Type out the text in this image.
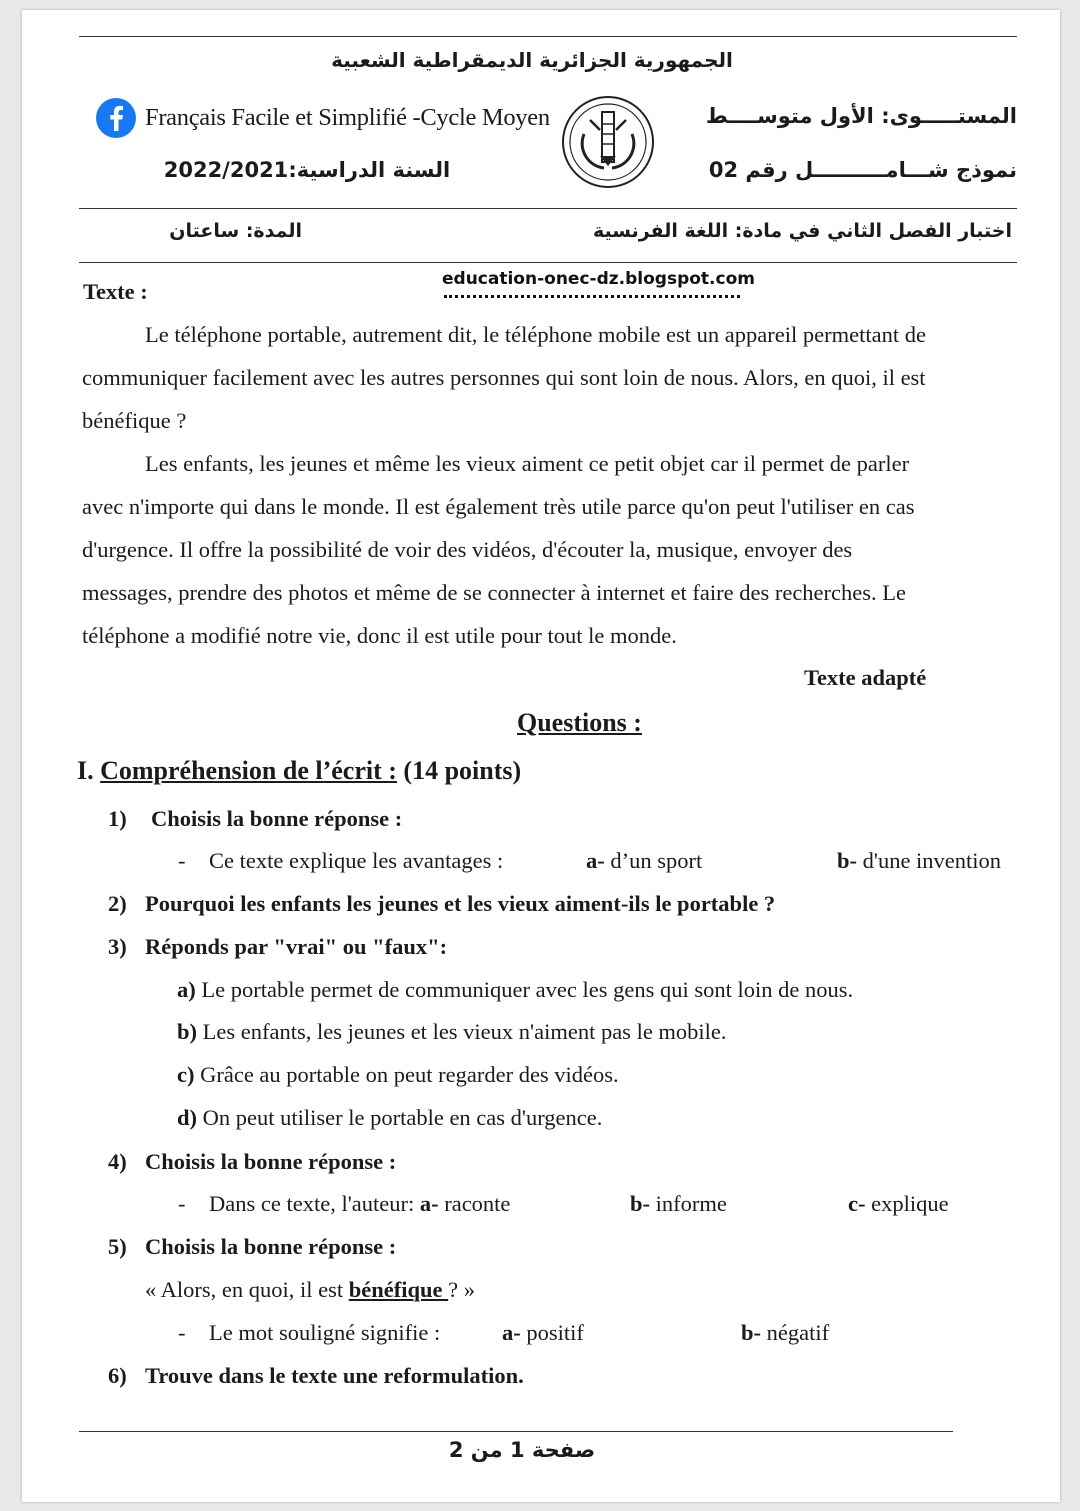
الجمهورية الجزائرية الديمقراطية الشعبية
Français Facile et Simplifié -Cycle Moyen	المستـــــوى: الأول متوســــط
السنة الدراسية:2022/2021	نموذج شـــامــــــــــل رقم 02
المدة: ساعتان	اختبار الفصل الثاني في مادة: اللغة الفرنسية
education-onec-dz.blogspot.com
Texte :
Le téléphone portable, autrement dit, le téléphone mobile est un appareil permettant de
communiquer facilement avec les autres personnes qui sont loin de nous. Alors, en quoi, il est
bénéfique ?
Les enfants, les jeunes et même les vieux aiment ce petit objet car il permet de parler
avec n'importe qui dans le monde. Il est également très utile parce qu'on peut l'utiliser en cas
d'urgence. Il offre la possibilité de voir des vidéos, d'écouter la, musique, envoyer des
messages, prendre des photos et même de se connecter à internet et faire des recherches. Le
téléphone a modifié notre vie, donc il est utile pour tout le monde.
Texte adapté
Questions :
I. Compréhension de l’écrit : (14 points)
1) Choisis la bonne réponse :
- Ce texte explique les avantages :	a- d’un sport	b- d'une invention
2) Pourquoi les enfants les jeunes et les vieux aiment-ils le portable ?
3) Réponds par "vrai" ou "faux":
a) Le portable permet de communiquer avec les gens qui sont loin de nous.
b) Les enfants, les jeunes et les vieux n'aiment pas le mobile.
c) Grâce au portable on peut regarder des vidéos.
d) On peut utiliser le portable en cas d'urgence.
4) Choisis la bonne réponse :
- Dans ce texte, l'auteur: a- raconte	b- informe	c- explique
5) Choisis la bonne réponse :
« Alors, en quoi, il est bénéfique ? »
- Le mot souligné signifie :	a- positif	b- négatif
6) Trouve dans le texte une reformulation.
صفحة 1 من 2
